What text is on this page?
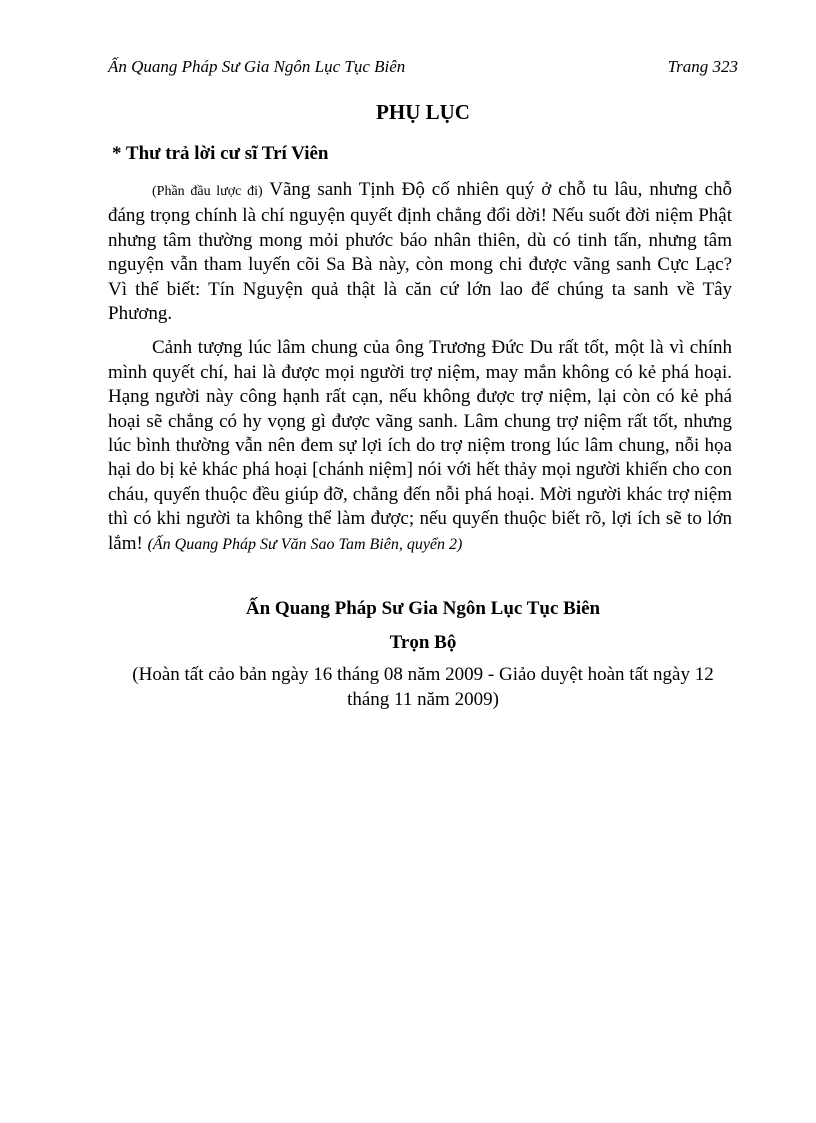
Ấn Quang Pháp Sư Gia Ngôn Lục Tục Biên	Trang 323
PHỤ LỤC
* Thư trả lời cư sĩ Trí Viên

(Phần đầu lược đi) Vãng sanh Tịnh Độ cố nhiên quý ở chỗ tu lâu, nhưng chỗ đáng trọng chính là chí nguyện quyết định chẳng đổi dời! Nếu suốt đời niệm Phật nhưng tâm thường mong mỏi phước báo nhân thiên, dù có tinh tấn, nhưng tâm nguyện vẫn tham luyến cõi Sa Bà này, còn mong chi được vãng sanh Cực Lạc? Vì thế biết: Tín Nguyện quả thật là căn cứ lớn lao để chúng ta sanh về Tây Phương.

Cảnh tượng lúc lâm chung của ông Trương Đức Du rất tốt, một là vì chính mình quyết chí, hai là được mọi người trợ niệm, may mắn không có kẻ phá hoại. Hạng người này công hạnh rất cạn, nếu không được trợ niệm, lại còn có kẻ phá hoại sẽ chẳng có hy vọng gì được vãng sanh. Lâm chung trợ niệm rất tốt, nhưng lúc bình thường vẫn nên đem sự lợi ích do trợ niệm trong lúc lâm chung, nỗi họa hại do bị kẻ khác phá hoại [chánh niệm] nói với hết thảy mọi người khiến cho con cháu, quyến thuộc đều giúp đỡ, chẳng đến nỗi phá hoại. Mời người khác trợ niệm thì có khi người ta không thể làm được; nếu quyến thuộc biết rõ, lợi ích sẽ to lớn lắm! (Ấn Quang Pháp Sư Văn Sao Tam Biên, quyển 2)

Ấn Quang Pháp Sư Gia Ngôn Lục Tục Biên

Trọn Bộ

(Hoàn tất cảo bản ngày 16 tháng 08 năm 2009 - Giảo duyệt hoàn tất ngày 12 tháng 11 năm 2009)
